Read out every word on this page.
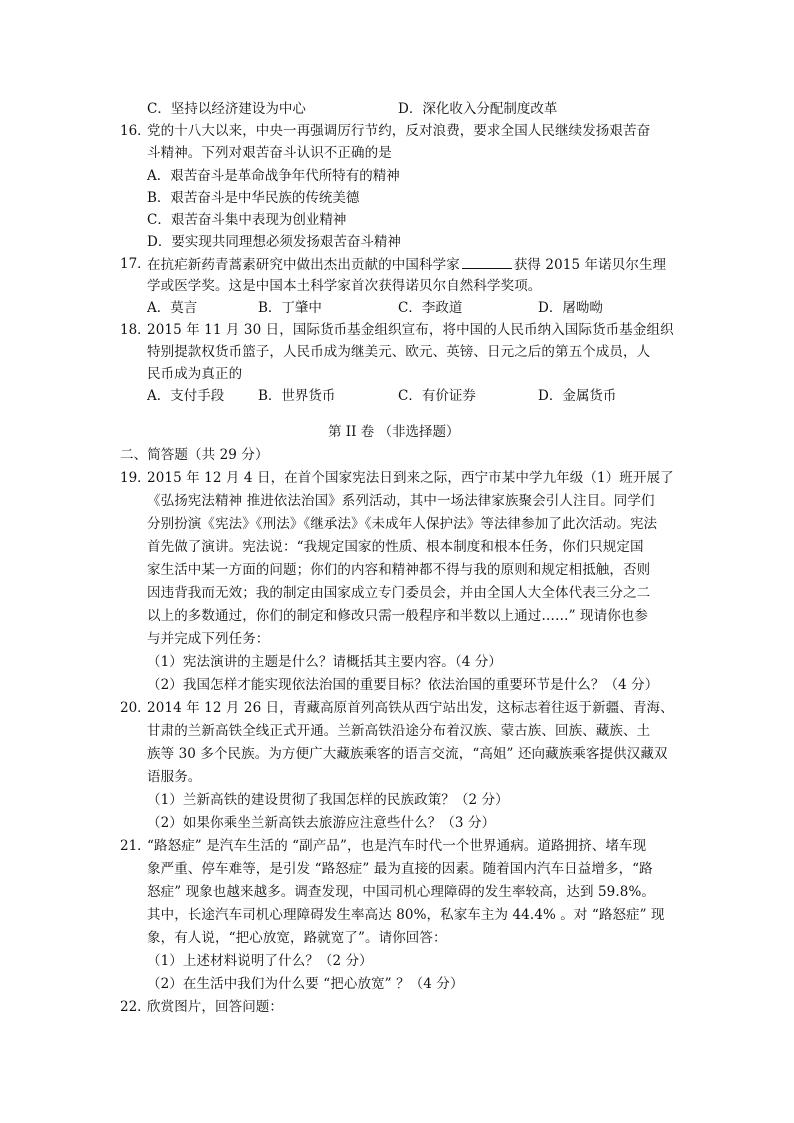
C．坚持以经济建设为中心	D．深化收入分配制度改革
16．
党的十八大以来，中央一再强调厉行节约，反对浪费，要求全国人民继续发扬艰苦奋
斗精神。下列对艰苦奋斗认识不正确的是
A．艰苦奋斗是革命战争年代所特有的精神
B．艰苦奋斗是中华民族的传统美德
C．艰苦奋斗集中表现为创业精神
D．要实现共同理想必须发扬艰苦奋斗精神
17．
在抗疟新药青蒿素研究中做出杰出贡献的中国科学家	获得 2015 年诺贝尔生理
学或医学奖。这是中国本土科学家首次获得诺贝尔自然科学奖项。
A．莫言	B．丁肇中	C．李政道	D．屠呦呦
18．
2015 年 11 月 30 日，国际货币基金组织宣布，将中国的人民币纳入国际货币基金组织
特别提款权货币篮子，人民币成为继美元、欧元、英镑、日元之后的第五个成员，人
民币成为真正的
A．支付手段	B．世界货币	C．有价证券	D．金属货币
第 II 卷 （非选择题）
二、简答题（共 29 分）
19．
2015 年 12 月 4 日，在首个国家宪法日到来之际，西宁市某中学九年级（1）班开展了
《弘扬宪法精神 推进依法治国》系列活动，其中一场法律家族聚会引人注目。同学们
分别扮演《宪法》《刑法》《继承法》《未成年人保护法》等法律参加了此次活动。宪法
首先做了演讲。宪法说：“我规定国家的性质、根本制度和根本任务，你们只规定国
家生活中某一方面的问题；你们的内容和精神都不得与我的原则和规定相抵触，否则
因违背我而无效；我的制定由国家成立专门委员会，并由全国人大全体代表三分之二
以上的多数通过，你们的制定和修改只需一般程序和半数以上通过……” 现请你也参
与并完成下列任务：
（1）宪法演讲的主题是什么？请概括其主要内容。（4 分）
（2）我国怎样才能实现依法治国的重要目标？依法治国的重要环节是什么？（4 分）
20．
2014 年 12 月 26 日，青藏高原首列高铁从西宁站出发，这标志着往返于新疆、青海、
甘肃的兰新高铁全线正式开通。兰新高铁沿途分布着汉族、蒙古族、回族、藏族、土
族等 30 多个民族。为方便广大藏族乘客的语言交流，“高姐” 还向藏族乘客提供汉藏双
语服务。
（1）兰新高铁的建设贯彻了我国怎样的民族政策？（2 分）
（2）如果你乘坐兰新高铁去旅游应注意些什么？（3 分）
21．
“路怒症” 是汽车生活的 “副产品”，也是汽车时代一个世界通病。道路拥挤、堵车现
象严重、停车难等，是引发 “路怒症” 最为直接的因素。随着国内汽车日益增多，“路
怒症” 现象也越来越多。调查发现，中国司机心理障碍的发生率较高，达到 59.8%。
其中，长途汽车司机心理障碍发生率高达 80%，私家车主为 44.4% 。对 “路怒症” 现
象，有人说，“把心放宽，路就宽了”。请你回答：
（1）上述材料说明了什么？（2 分）
（2）在生活中我们为什么要 “把心放宽” ？（4 分）
22．
欣赏图片，回答问题：
